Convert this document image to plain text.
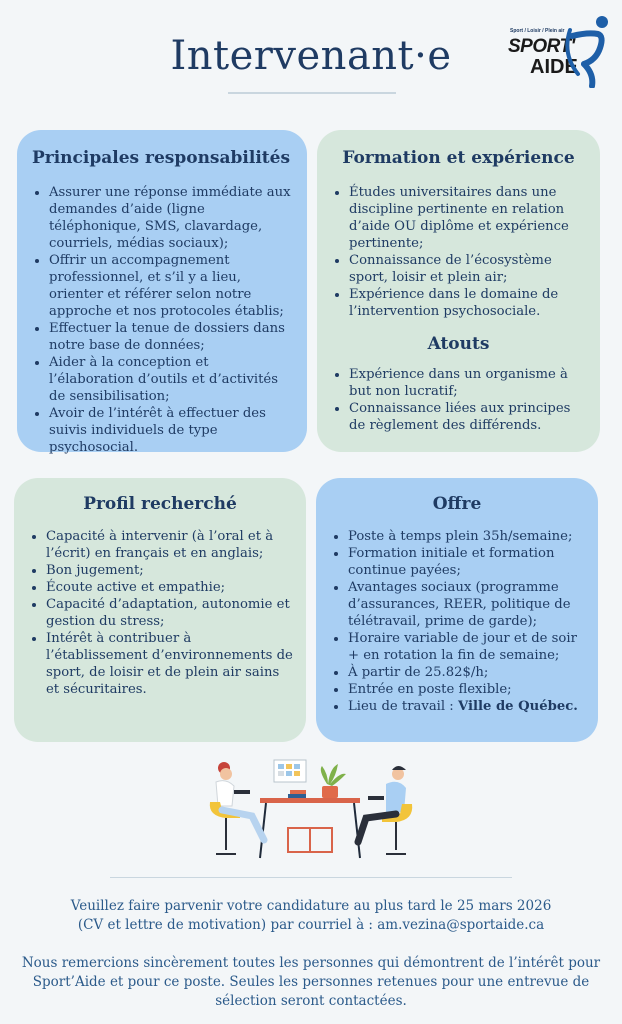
Intervenant·e
Sport / Loisir / Plein air
SPORT'
AIDE
Principales responsabilités
• Assurer une réponse immédiate aux demandes d’aide (ligne téléphonique, SMS, clavardage, courriels, médias sociaux);
• Offrir un accompagnement professionnel, et s’il y a lieu, orienter et référer selon notre approche et nos protocoles établis;
• Effectuer la tenue de dossiers dans notre base de données;
• Aider à la conception et l’élaboration d’outils et d’activités de sensibilisation;
• Avoir de l’intérêt à effectuer des suivis individuels de type psychosocial.
Formation et expérience
• Études universitaires dans une discipline pertinente en relation d’aide OU diplôme et expérience pertinente;
• Connaissance de l’écosystème sport, loisir et plein air;
• Expérience dans le domaine de l’intervention psychosociale.
Atouts
• Expérience dans un organisme à but non lucratif;
• Connaissance liées aux principes de règlement des différends.
Profil recherché
• Capacité à intervenir (à l’oral et à l’écrit) en français et en anglais;
• Bon jugement;
• Écoute active et empathie;
• Capacité d’adaptation, autonomie et gestion du stress;
• Intérêt à contribuer à l’établissement d’environnements de sport, de loisir et de plein air sains et sécuritaires.
Offre
• Poste à temps plein 35h/semaine;
• Formation initiale et formation continue payées;
• Avantages sociaux (programme d’assurances, REER, politique de télétravail, prime de garde);
• Horaire variable de jour et de soir + en rotation la fin de semaine;
• À partir de 25.82$/h;
• Entrée en poste flexible;
• Lieu de travail : Ville de Québec.
Veuillez faire parvenir votre candidature au plus tard le 25 mars 2026
(CV et lettre de motivation) par courriel à : am.vezina@sportaide.ca
Nous remercions sincèrement toutes les personnes qui démontrent de l’intérêt pour Sport’Aide et pour ce poste. Seules les personnes retenues pour une entrevue de sélection seront contactées.
